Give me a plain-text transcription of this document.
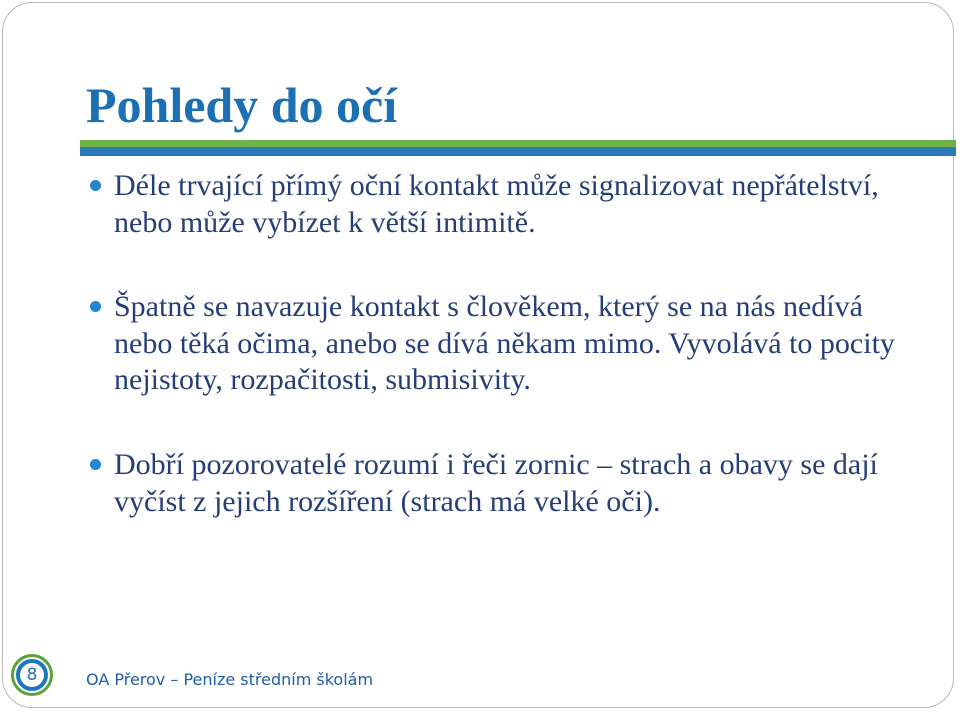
Pohledy do očí
Déle trvající přímý oční kontakt může signalizovat nepřátelství, nebo může vybízet k větší intimitě.
Špatně se navazuje kontakt s člověkem, který se na nás nedívá nebo těká očima, anebo se dívá někam mimo. Vyvolává to pocity nejistoty, rozpačitosti, submisivity.
Dobří pozorovatelé rozumí i řeči zornic – strach a obavy se dají vyčíst z jejich rozšíření (strach má velké oči).
8	OA Přerov – Peníze středním školám
